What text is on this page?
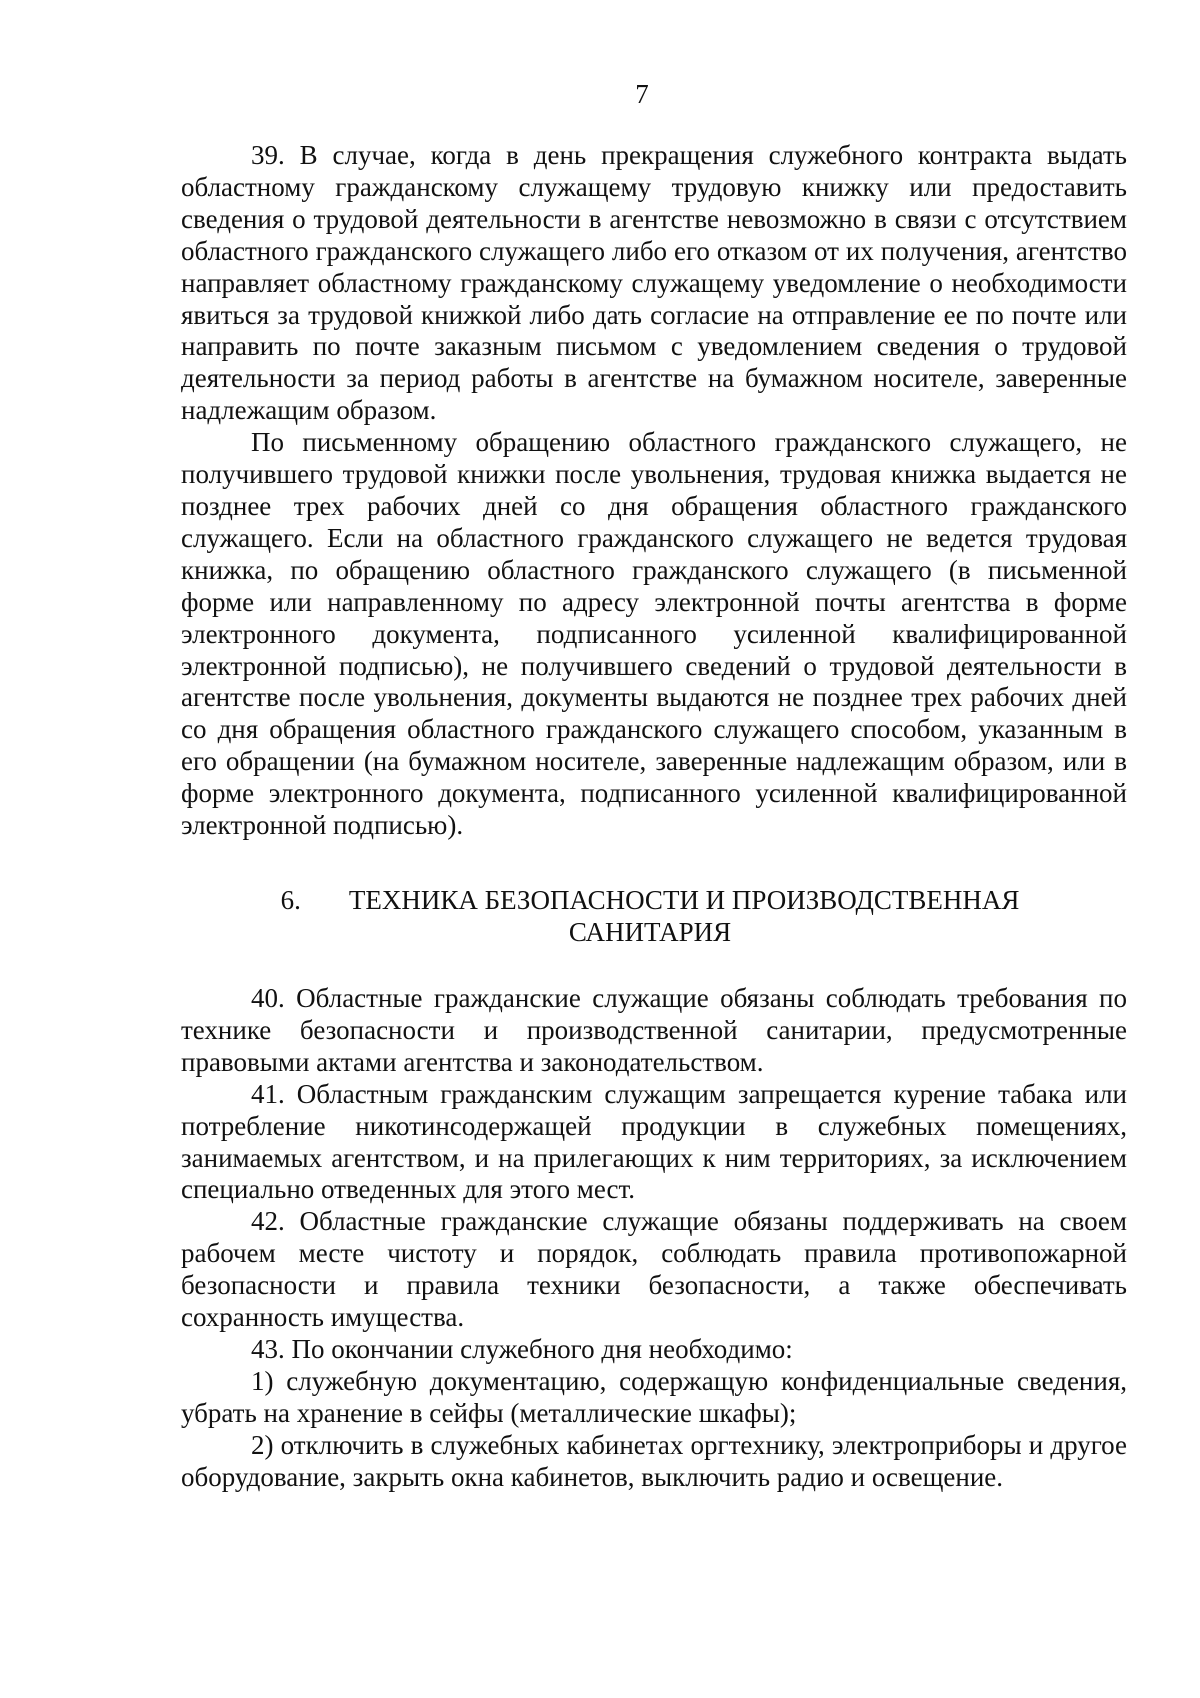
7
39. В случае, когда в день прекращения служебного контракта выдать областному гражданскому служащему трудовую книжку или предоставить сведения о трудовой деятельности в агентстве невозможно в связи с отсутствием областного гражданского служащего либо его отказом от их получения, агентство направляет областному гражданскому служащему уведомление о необходимости явиться за трудовой книжкой либо дать согласие на отправление ее по почте или направить по почте заказным письмом с уведомлением сведения о трудовой деятельности за период работы в агентстве на бумажном носителе, заверенные надлежащим образом.
По письменному обращению областного гражданского служащего, не получившего трудовой книжки после увольнения, трудовая книжка выдается не позднее трех рабочих дней со дня обращения областного гражданского служащего. Если на областного гражданского служащего не ведется трудовая книжка, по обращению областного гражданского служащего (в письменной форме или направленному по адресу электронной почты агентства в форме электронного документа, подписанного усиленной квалифицированной электронной подписью), не получившего сведений о трудовой деятельности в агентстве после увольнения, документы выдаются не позднее трех рабочих дней со дня обращения областного гражданского служащего способом, указанным в его обращении (на бумажном носителе, заверенные надлежащим образом, или в форме электронного документа, подписанного усиленной квалифицированной электронной подписью).
6. ТЕХНИКА БЕЗОПАСНОСТИ И ПРОИЗВОДСТВЕННАЯ
САНИТАРИЯ
40. Областные гражданские служащие обязаны соблюдать требования по технике безопасности и производственной санитарии, предусмотренные правовыми актами агентства и законодательством.
41. Областным гражданским служащим запрещается курение табака или потребление никотинсодержащей продукции в служебных помещениях, занимаемых агентством, и на прилегающих к ним территориях, за исключением специально отведенных для этого мест.
42. Областные гражданские служащие обязаны поддерживать на своем рабочем месте чистоту и порядок, соблюдать правила противопожарной безопасности и правила техники безопасности, а также обеспечивать сохранность имущества.
43. По окончании служебного дня необходимо:
1) служебную документацию, содержащую конфиденциальные сведения, убрать на хранение в сейфы (металлические шкафы);
2) отключить в служебных кабинетах оргтехнику, электроприборы и другое оборудование, закрыть окна кабинетов, выключить радио и освещение.
